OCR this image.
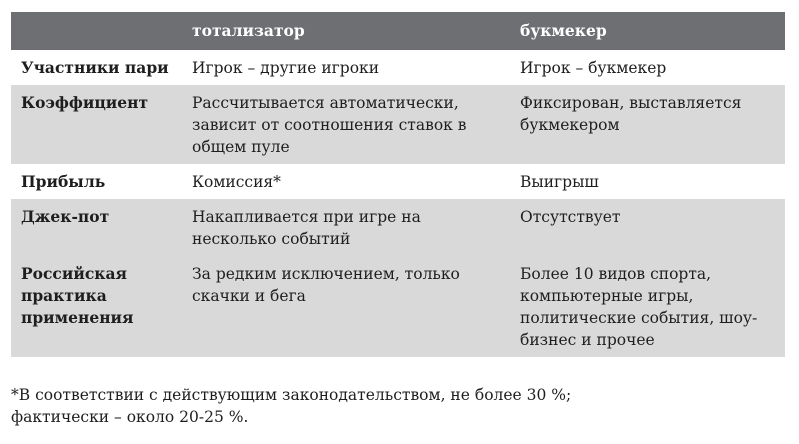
	тотализатор	букмекер
Участники пари	Игрок – другие игроки	Игрок – букмекер
Коэффициент	Рассчитывается автоматически, зависит от соотношения ставок в общем пуле	Фиксирован, выставляется букмекером
Прибыль	Комиссия*	Выигрыш
Джек-пот	Накапливается при игре на несколько событий	Отсутствует
Российская практика применения	За редким исключением, только скачки и бега	Более 10 видов спорта, компьютерные игры, политические события, шоу-бизнес и прочее
*В соответствии с действующим законодательством, не более 30 %;
фактически – около 20-25 %.
